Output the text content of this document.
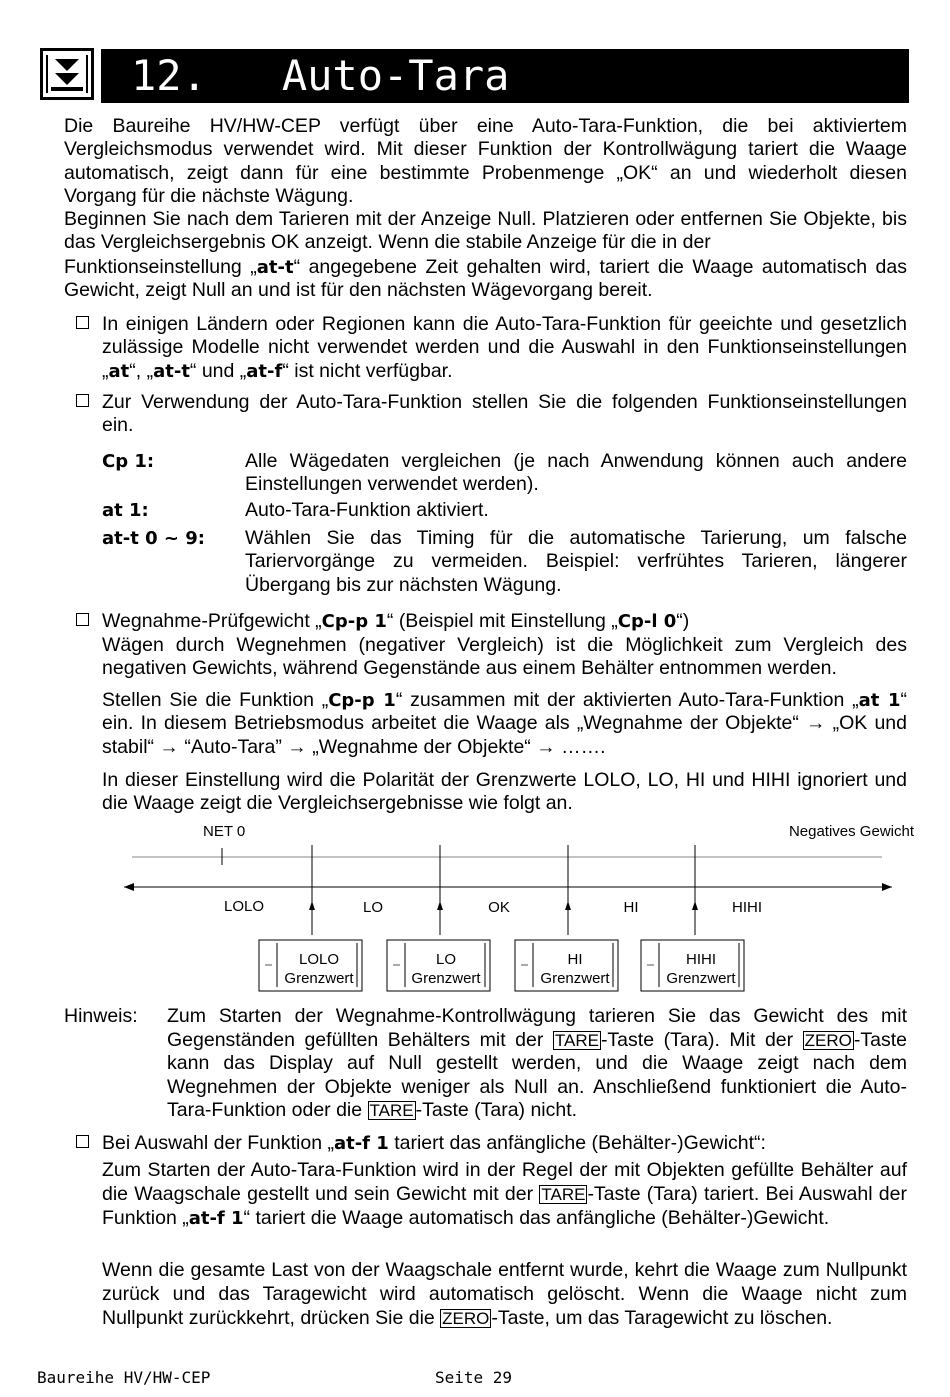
12. Auto-Tara

Die Baureihe HV/HW-CEP verfügt über eine Auto-Tara-Funktion, die bei aktiviertem Vergleichsmodus verwendet wird. Mit dieser Funktion der Kontrollwägung tariert die Waage automatisch, zeigt dann für eine bestimmte Probenmenge „OK“ an und wiederholt diesen Vorgang für die nächste Wägung.

Beginnen Sie nach dem Tarieren mit der Anzeige Null. Platzieren oder entfernen Sie Objekte, bis das Vergleichsergebnis OK anzeigt. Wenn die stabile Anzeige für die in der

Funktionseinstellung „at-t“ angegebene Zeit gehalten wird, tariert die Waage automatisch das Gewicht, zeigt Null an und ist für den nächsten Wägevorgang bereit.

In einigen Ländern oder Regionen kann die Auto-Tara-Funktion für geeichte und gesetzlich zulässige Modelle nicht verwendet werden und die Auswahl in den Funktionseinstellungen „at“, „at-t“ und „at-f“ ist nicht verfügbar.
Zur Verwendung der Auto-Tara-Funktion stellen Sie die folgenden Funktionseinstellungen ein.
Cp 1:	Alle Wägedaten vergleichen (je nach Anwendung können auch andere Einstellungen verwendet werden).
at 1:	Auto-Tara-Funktion aktiviert.
at-t 0 ~ 9: Wählen Sie das Timing für die automatische Tarierung, um falsche Tariervorgänge zu vermeiden. Beispiel: verfrühtes Tarieren, längerer Übergang bis zur nächsten Wägung.
Wegnahme-Prüfgewicht „Cp-p 1“ (Beispiel mit Einstellung „Cp-l 0“)
Wägen durch Wegnehmen (negativer Vergleich) ist die Möglichkeit zum Vergleich des negativen Gewichts, während Gegenstände aus einem Behälter entnommen werden.
Stellen Sie die Funktion „Cp-p 1“ zusammen mit der aktivierten Auto-Tara-Funktion „at 1“ ein. In diesem Betriebsmodus arbeitet die Waage als „Wegnahme der Objekte“ → „OK und stabil“ → “Auto-Tara” → „Wegnahme der Objekte“ → …….
In dieser Einstellung wird die Polarität der Grenzwerte LOLO, LO, HI und HIHI ignoriert und die Waage zeigt die Vergleichsergebnisse wie folgt an.
NET 0	Negatives Gewicht
LOLO	LO	OK	HI	HIHI
LOLO
Grenzwert
LO
Grenzwert
HI
Grenzwert
HIHI
Grenzwert
Hinweis: Zum Starten der Wegnahme-Kontrollwägung tarieren Sie das Gewicht des mit Gegenständen gefüllten Behälters mit der TARE -Taste (Tara). Mit der ZERO -Taste kann das Display auf Null gestellt werden, und die Waage zeigt nach dem Wegnehmen der Objekte weniger als Null an. Anschließend funktioniert die Auto-Tara-Funktion oder die TARE -Taste (Tara) nicht.
Bei Auswahl der Funktion „at-f 1 tariert das anfängliche (Behälter-)Gewicht“:
Zum Starten der Auto-Tara-Funktion wird in der Regel der mit Objekten gefüllte Behälter auf die Waagschale gestellt und sein Gewicht mit der TARE -Taste (Tara) tariert. Bei Auswahl der Funktion „at-f 1“ tariert die Waage automatisch das anfängliche (Behälter-)Gewicht.
Wenn die gesamte Last von der Waagschale entfernt wurde, kehrt die Waage zum Nullpunkt zurück und das Taragewicht wird automatisch gelöscht. Wenn die Waage nicht zum Nullpunkt zurückkehrt, drücken Sie die ZERO -Taste, um das Taragewicht zu löschen.
Baureihe HV/HW-CEP	Seite 29
